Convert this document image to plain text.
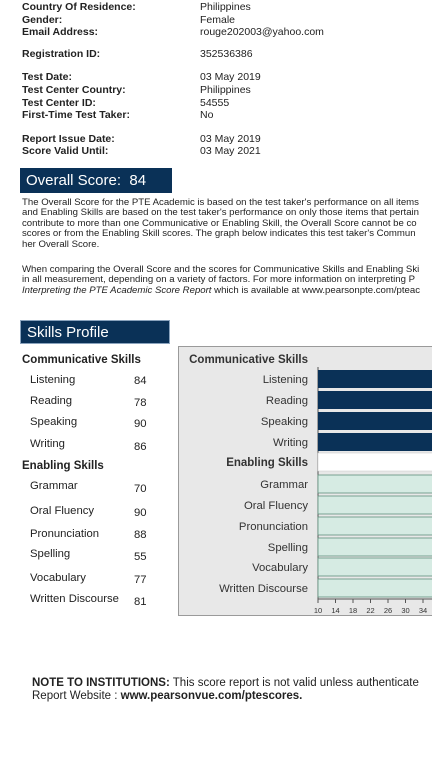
Country Of Residence:	Philippines
Gender:	Female
Email Address:	rouge202003@yahoo.com
Registration ID:	352536386
Test Date:	03 May 2019
Test Center Country:	Philippines
Test Center ID:	54555
First-Time Test Taker:	No
Report Issue Date:	03 May 2019
Score Valid Until:	03 May 2021
Overall Score: 84
The Overall Score for the PTE Academic is based on the test taker's performance on all items
and Enabling Skills are based on the test taker's performance on only those items that pertain
contribute to more than one Communicative or Enabling Skill, the Overall Score cannot be co
scores or from the Enabling Skill scores. The graph below indicates this test taker's Commun
her Overall Score.
When comparing the Overall Score and the scores for Communicative Skills and Enabling Ski
in all measurement, depending on a variety of factors. For more information on interpreting P
Interpreting the PTE Academic Score Report which is available at www.pearsonpte.com/pteac
Skills Profile
Communicative Skills
Listening	84
Reading	78
Speaking	90
Writing	86
Enabling Skills
Grammar	70
Oral Fluency	90
Pronunciation	88
Spelling	55
Vocabulary	77
Written Discourse 81
Communicative Skills
Enabling Skills
Listening
Reading
Speaking
Writing
Grammar
Oral Fluency
Pronunciation
Spelling
Vocabulary
Written Discourse
10 14 18 22 26 30 34
NOTE TO INSTITUTIONS: This score report is not valid unless authenticate
Report Website : www.pearsonvue.com/ptescores.
